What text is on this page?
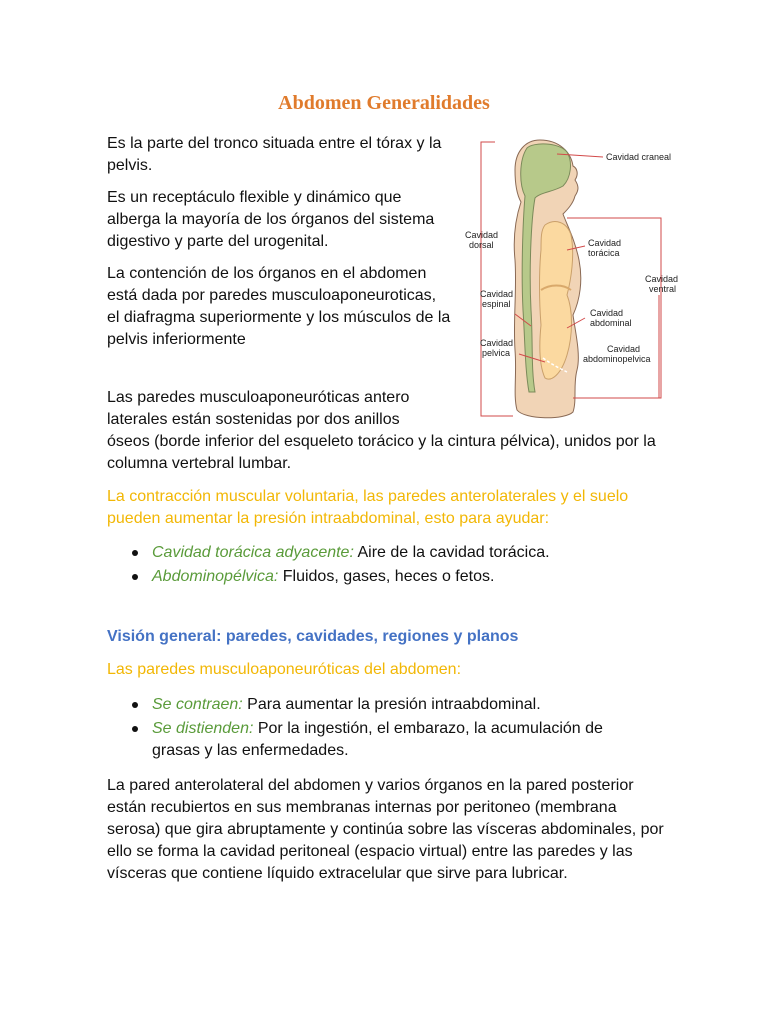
Abdomen Generalidades

Es la parte del tronco situada entre el tórax y la pelvis.

Es un receptáculo flexible y dinámico que alberga la mayoría de los órganos del sistema digestivo y parte del urogenital.

La contención de los órganos en el abdomen está dada por paredes musculoaponeuroticas, el diafragma superiormente y los músculos de la pelvis inferiormente

Las paredes musculoaponeuróticas antero laterales están sostenidas por dos anillos

óseos (borde inferior del esqueleto torácico y la cintura pélvica), unidos por la columna vertebral lumbar.

La contracción muscular voluntaria, las paredes anterolaterales y el suelo pueden aumentar la presión intraabdominal, esto para ayudar:

Cavidad torácica adyacente: Aire de la cavidad torácica.
Abdominopélvica: Fluidos, gases, heces o fetos.
Visión general: paredes, cavidades, regiones y planos
Las paredes musculoaponeuróticas del abdomen:
Se contraen: Para aumentar la presión intraabdominal.
Se distienden: Por la ingestión, el embarazo, la acumulación de grasas y las enfermedades.

La pared anterolateral del abdomen y varios órganos en la pared posterior están recubiertos en sus membranas internas por peritoneo (membrana serosa) que gira abruptamente y continúa sobre las vísceras abdominales, por ello se forma la cavidad peritoneal (espacio virtual) entre las paredes y las vísceras que contiene líquido extracelular que sirve para lubricar.

Cavidad craneal
Cavidad
dorsal	Cavidad
torácica
Cavidad
ventral
Cavidad
espinal
Cavidad
abdominal
Cavidad
pelvica	Cavidad
abdominopelvica
